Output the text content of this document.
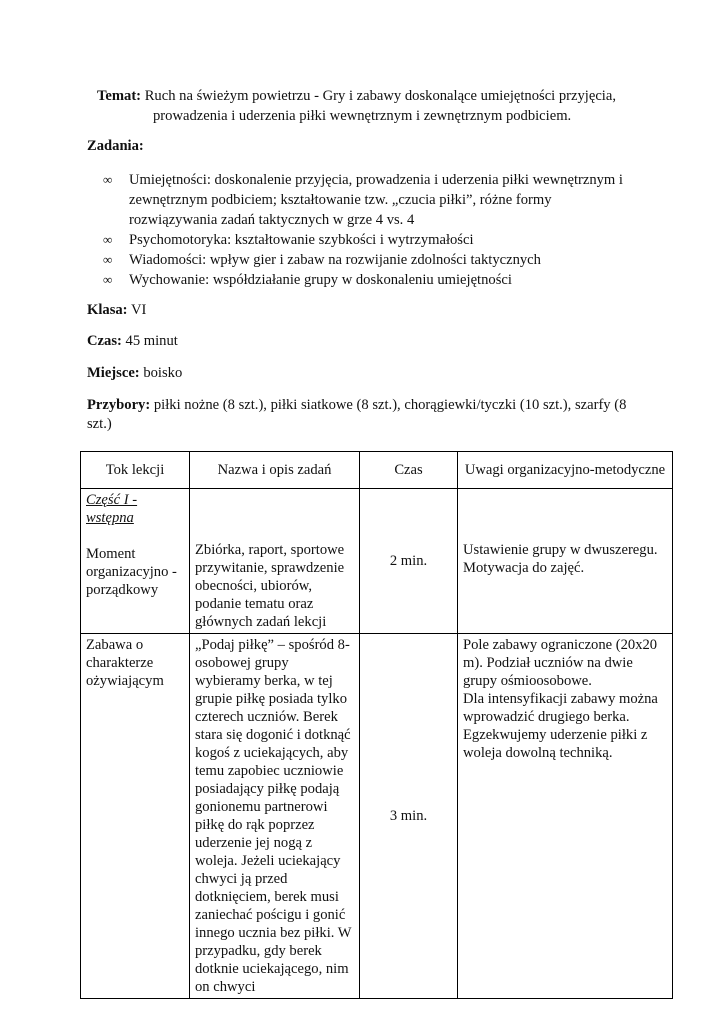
Temat: Ruch na świeżym powietrzu - Gry i zabawy doskonalące umiejętności przyjęcia,
prowadzenia i uderzenia piłki wewnętrznym i zewnętrznym podbiciem.
Zadania:
∞ Umiejętności: doskonalenie przyjęcia, prowadzenia i uderzenia piłki wewnętrznym i
zewnętrznym podbiciem; kształtowanie tzw. „czucia piłki”, różne formy
rozwiązywania zadań taktycznych w grze 4 vs. 4
∞ Psychomotoryka: kształtowanie szybkości i wytrzymałości
∞ Wiadomości: wpływ gier i zabaw na rozwijanie zdolności taktycznych
∞ Wychowanie: współdziałanie grupy w doskonaleniu umiejętności
Klasa: VI
Czas: 45 minut
Miejsce: boisko
Przybory: piłki nożne (8 szt.), piłki siatkowe (8 szt.), chorągiewki/tyczki (10 szt.), szarfy (8
szt.)
Tok lekcji	Nazwa i opis zadań	Czas	Uwagi organizacyjno-metodyczne

Część I - wstępna
Moment organizacyjno - porządkowy	Zbiórka, raport, sportowe przywitanie, sprawdzenie obecności, ubiorów, podanie tematu oraz głównych zadań lekcji	2 min.	Ustawienie grupy w dwuszeregu. Motywacja do zajęć.
Zabawa o charakterze ożywiającym	„Podaj piłkę” – spośród 8-osobowej grupy wybieramy berka, w tej grupie piłkę posiada tylko czterech uczniów. Berek stara się dogonić i dotknąć kogoś z uciekających, aby temu zapobiec uczniowie posiadający piłkę podają gonionemu partnerowi piłkę do rąk poprzez uderzenie jej nogą z woleja. Jeżeli uciekający chwyci ją przed dotknięciem, berek musi zaniechać pościgu i gonić innego ucznia bez piłki. W przypadku, gdy berek dotknie uciekającego, nim on chwyci	3 min.	Pole zabawy ograniczone (20x20 m). Podział uczniów na dwie grupy ośmioosobowe.
Dla intensyfikacji zabawy można wprowadzić drugiego berka. Egzekwujemy uderzenie piłki z woleja dowolną techniką.
